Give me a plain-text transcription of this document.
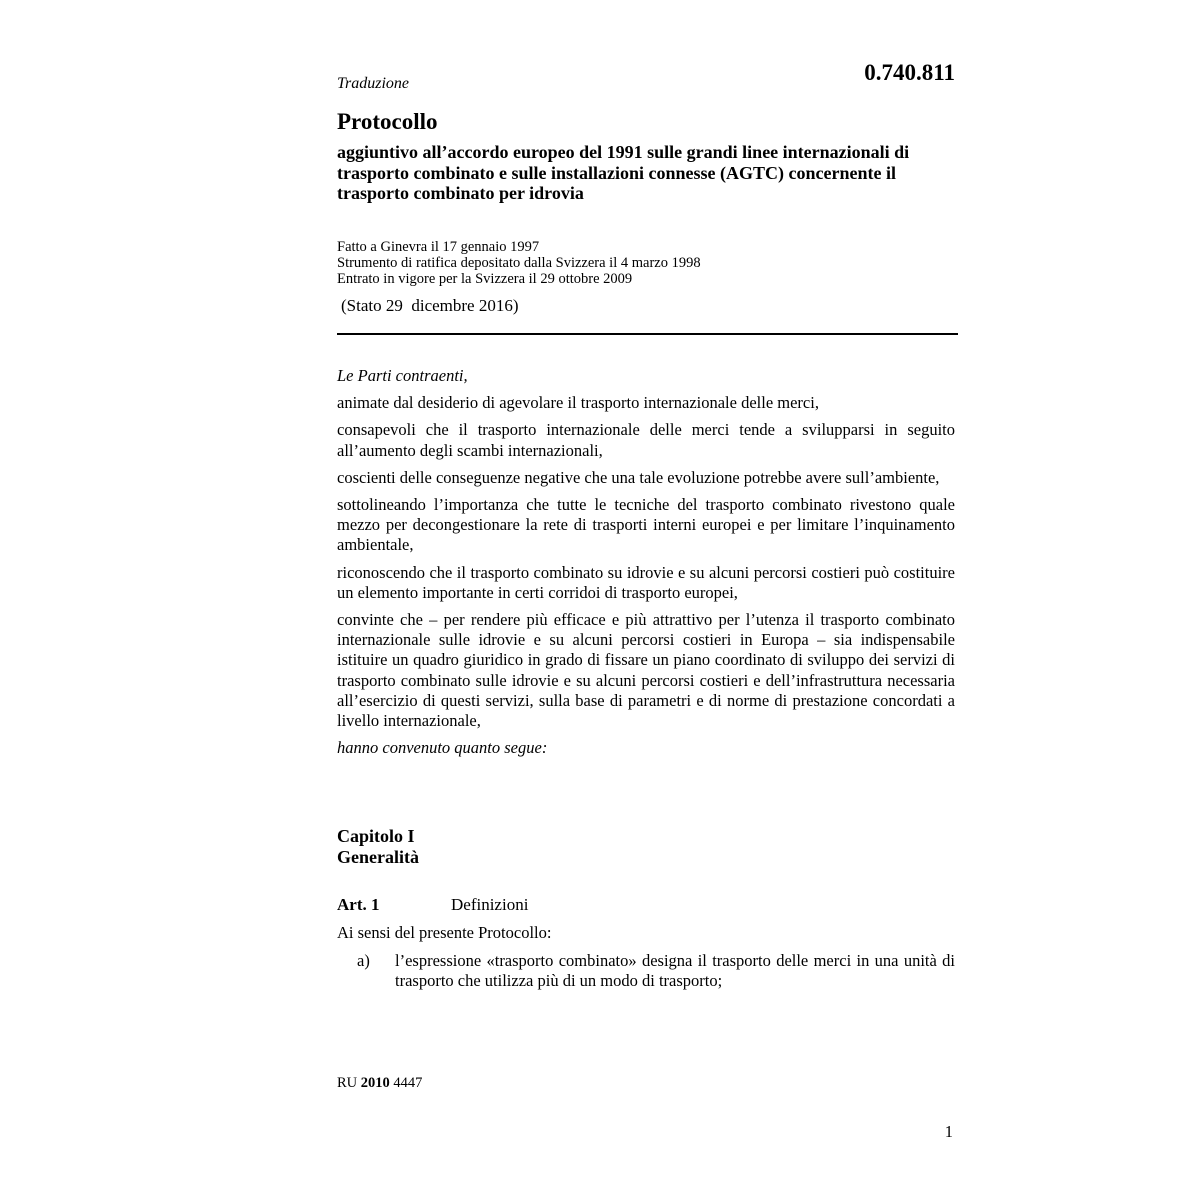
0.740.811
Traduzione
Protocollo
aggiuntivo all’accordo europeo del 1991 sulle grandi linee internazionali di trasporto combinato e sulle installazioni connesse (AGTC) concernente il trasporto combinato per idrovia
Fatto a Ginevra il 17 gennaio 1997
Strumento di ratifica depositato dalla Svizzera il 4 marzo 1998
Entrato in vigore per la Svizzera il 29 ottobre 2009
(Stato 29  dicembre 2016)

Le Parti contraenti,

animate dal desiderio di agevolare il trasporto internazionale delle merci,

consapevoli che il trasporto internazionale delle merci tende a svilupparsi in seguito all’aumento degli scambi internazionali,

coscienti delle conseguenze negative che una tale evoluzione potrebbe avere sull’ambiente,

sottolineando l’importanza che tutte le tecniche del trasporto combinato rivestono quale mezzo per decongestionare la rete di trasporti interni europei e per limitare l’inquinamento ambientale,

riconoscendo che il trasporto combinato su idrovie e su alcuni percorsi costieri può costituire un elemento importante in certi corridoi di trasporto europei,

convinte che – per rendere più efficace e più attrattivo per l’utenza il trasporto combinato internazionale sulle idrovie e su alcuni percorsi costieri in Europa – sia indispensabile istituire un quadro giuridico in grado di fissare un piano coordinato di sviluppo dei servizi di trasporto combinato sulle idrovie e su alcuni percorsi costieri e dell’infrastruttura necessaria all’esercizio di questi servizi, sulla base di parametri e di norme di prestazione concordati a livello internazionale,

hanno convenuto quanto segue:

Capitolo I
Generalità
Art. 1	Definizioni
Ai sensi del presente Protocollo:
a)	l’espressione «trasporto combinato» designa il trasporto delle merci in una unità di trasporto che utilizza più di un modo di trasporto;
RU 2010 4447
1
